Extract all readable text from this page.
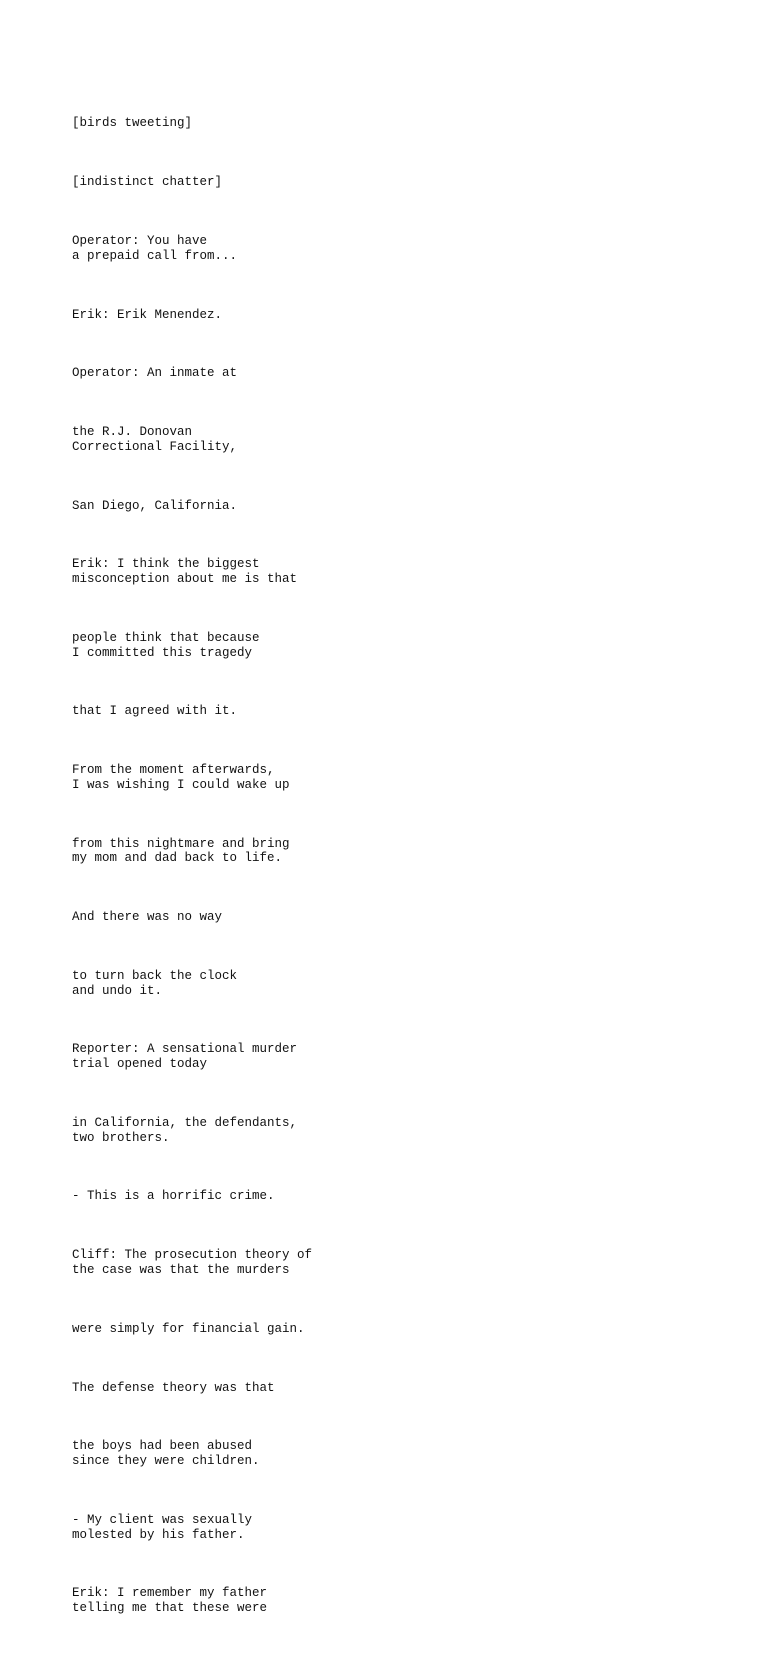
[birds tweeting]

[indistinct chatter]

Operator: You have
a prepaid call from...

Erik: Erik Menendez.

Operator: An inmate at

the R.J. Donovan
Correctional Facility,

San Diego, California.

Erik: I think the biggest
misconception about me is that

people think that because
I committed this tragedy

that I agreed with it.

From the moment afterwards,
I was wishing I could wake up

from this nightmare and bring
my mom and dad back to life.

And there was no way

to turn back the clock
and undo it.

Reporter: A sensational murder
trial opened today

in California, the defendants,
two brothers.

- This is a horrific crime.

Cliff: The prosecution theory of
the case was that the murders

were simply for financial gain.

The defense theory was that

the boys had been abused
since they were children.

- My client was sexually
molested by his father.

Erik: I remember my father
telling me that these were
